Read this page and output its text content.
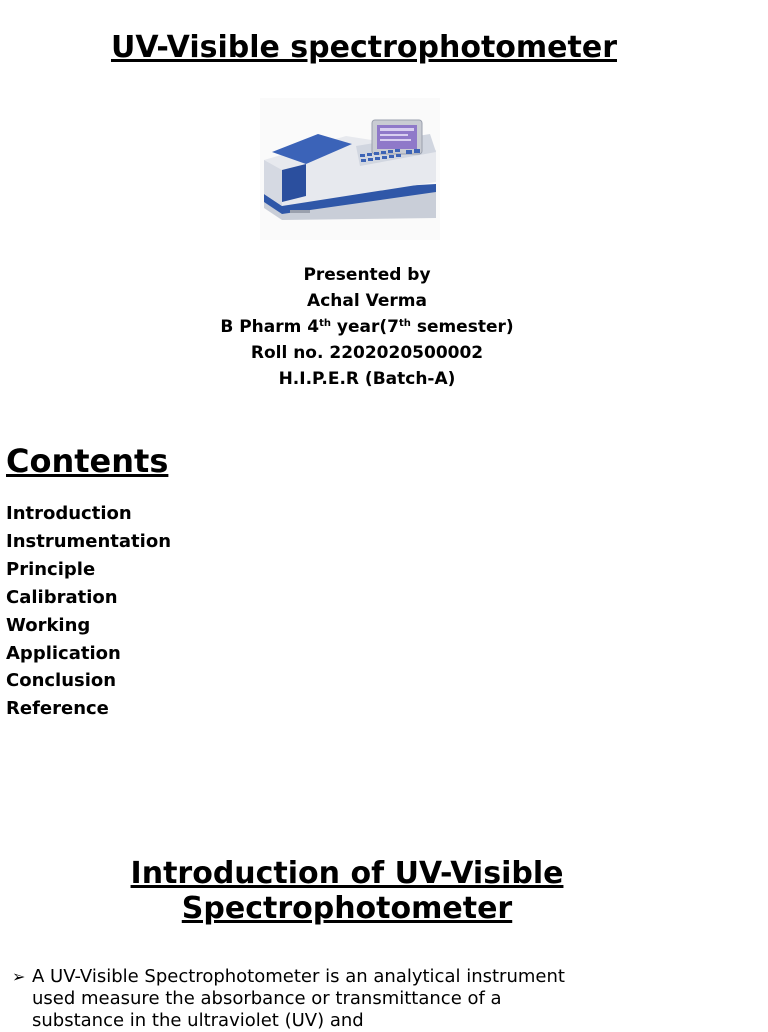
UV-Visible spectrophotometer
Presented by
Achal Verma
B Pharm 4th year(7th semester)
Roll no. 2202020500002
H.I.P.E.R (Batch-A)
Contents
Introduction
Instrumentation
Principle
Calibration
Working
Application
Conclusion
Reference
Introduction of UV-Visible
Spectrophotometer
➢ A UV-Visible Spectrophotometer is an analytical instrument used measure the absorbance or transmittance of a substance in the ultraviolet (UV) and
